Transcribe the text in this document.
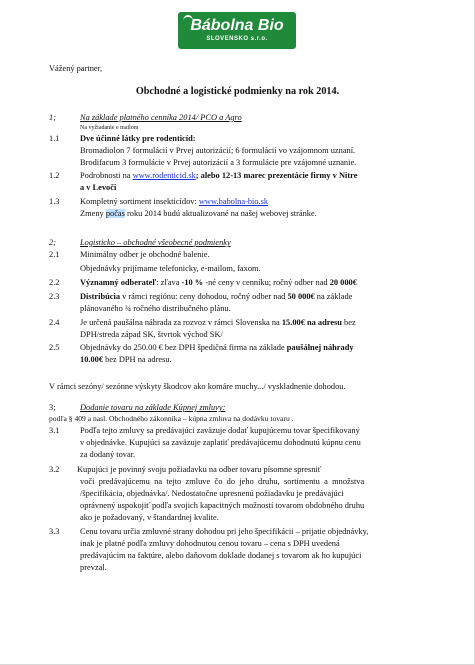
Bábolna Bio
SLOVENSKO s.r.o.
Vážený partner,
Obchodné a logistické podmienky na rok 2014.
1;	Na základe platného cenníka 2014/ PCO a Agro
Na vyžiadanie e mailom
1.1 Dve účinné látky pre rodenticíd:
Bromadiolon 7 formulácií v Prvej autorizácií; 6 formulácií vo vzájomnom uznaní.
Brodifacum 3 formulácie v Prvej autorizácií a 3 formulácie pre vzájomné uznanie.
1.2 Podrobnosti na www.rodenticid.sk; alebo 12-13 marec prezentácie firmy v Nitre
a v Levoči
1.3 Kompletný sortiment insekticídov: www.babolna-bio.sk
Zmeny počas roku 2014 budú aktualizované na našej webovej stránke.
2;	Logisticko – obchodné všeobecné podmienky
2.1 Minimálny odber je obchodné balenie.
Objednávky prijímame telefonicky, e-mailom, faxom.
2.2 Významný odberateľ: zľava -10 % -né ceny v cenníku; ročný odber nad 20 000€
2.3 Distribúcia v rámci regiónu: ceny dohodou, ročný odber nad 50 000€ na základe
plánovaného ¾ ročného distribučného plánu.
2.4 Je určená paušálna náhrada za rozvoz v rámci Slovenska na 15.00€ na adresu bez
DPH/streda západ SK, štvrtok východ SK/
2.5 Objednávky do 250.00 € bez DPH špedičná firma na základe paušálnej náhrady
10.00€ bez DPH na adresu.
V rámci sezóny/ sezónne výskyty škodcov ako komáre muchy.../ vyskladnenie dohodou.
3;	Dodanie tovaru na základe Kúpnej zmluvy:
podľa § 409 a nasl. Obchodného zákonníka – kúpna zmluva na dodávku tovaru .
3.1 Podľa tejto zmluvy sa predávajúci zaväzuje dodať kupujúcemu tovar špecifikovaný
v objednávke. Kupujúci sa zaväzuje zaplatiť predávajúcemu dohodnutú kúpnu cenu
za dodaný tovar.
3.2 Kupujúci je povinný svoju požiadavku na odber tovaru písomne spresniť
voči predávajúcemu na tejto zmluve čo do jeho druhu, sortimentu a množstva
/špecifikácia, objednávka/. Nedostatočne upresnenú požiadavku je predávajúci
oprávnený uspokojiť podľa svojich kapacitných možností tovarom obdobného druhu
ako je požadovaný, v štandardnej kvalite.
3.3 Cenu tovaru určia zmluvné strany dohodou pri jeho špecifikácii – prijatie objednávky,
inak je platné podľa zmluvy dohodnutou cenou tovaru – cena s DPH uvedená
predávajúcim na faktúre, alebo daňovom doklade dodanej s tovarom ak ho kupujúci
prevzal.
